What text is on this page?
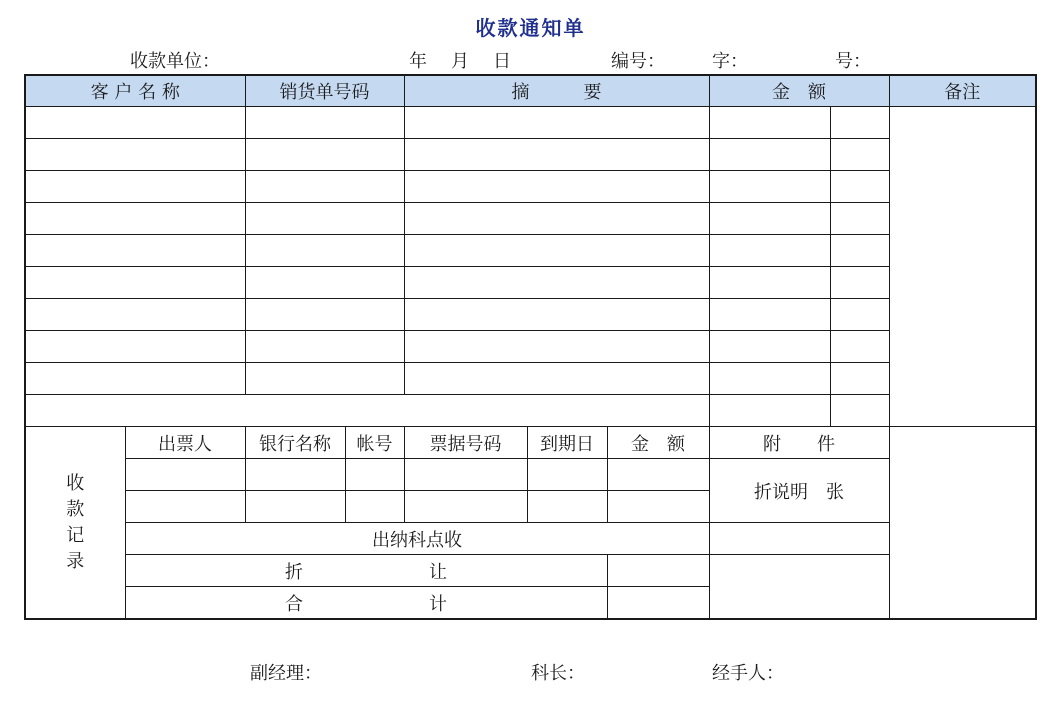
收款通知单
收款单位：	年 月 日	编号：	字：	号：
客 户 名 称		销货单号码		摘　　　要			金　额		备注

收
款
记
录	出票人	银行名称	帐号	票据号码	到期日	金　额	附　　件		
							折说明　张		

	出纳科点收								
	折　　　　　　　让								
	合　　　　　　　计								
副经理：	科长：	经手人：
